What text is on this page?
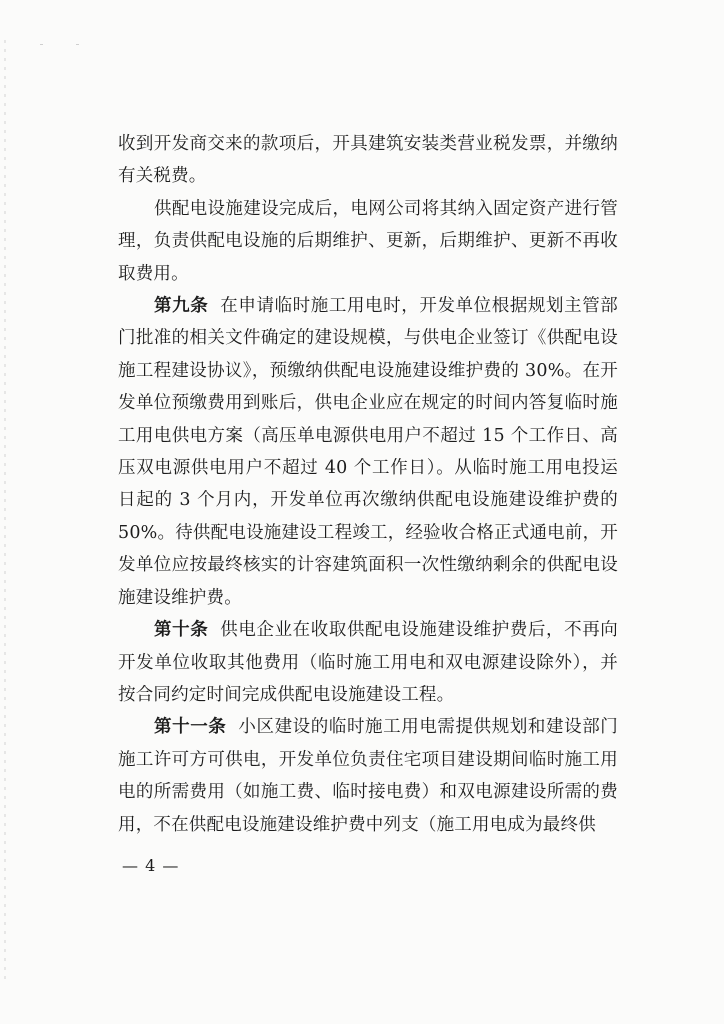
收到开发商交来的款项后，开具建筑安装类营业税发票，并缴纳有关税费。

供配电设施建设完成后，电网公司将其纳入固定资产进行管理，负责供配电设施的后期维护、更新，后期维护、更新不再收取费用。

第九条 在申请临时施工用电时，开发单位根据规划主管部门批准的相关文件确定的建设规模，与供电企业签订《供配电设施工程建设协议》，预缴纳供配电设施建设维护费的 30%。在开发单位预缴费用到账后，供电企业应在规定的时间内答复临时施工用电供电方案（高压单电源供电用户不超过 15 个工作日、高压双电源供电用户不超过 40 个工作日）。从临时施工用电投运日起的 3 个月内，开发单位再次缴纳供配电设施建设维护费的 50%。待供配电设施建设工程竣工，经验收合格正式通电前，开发单位应按最终核实的计容建筑面积一次性缴纳剩余的供配电设施建设维护费。

第十条 供电企业在收取供配电设施建设维护费后，不再向开发单位收取其他费用（临时施工用电和双电源建设除外），并按合同约定时间完成供配电设施建设工程。

第十一条 小区建设的临时施工用电需提供规划和建设部门施工许可方可供电，开发单位负责住宅项目建设期间临时施工用电的所需费用（如施工费、临时接电费）和双电源建设所需的费用，不在供配电设施建设维护费中列支（施工用电成为最终供

— 4 —
